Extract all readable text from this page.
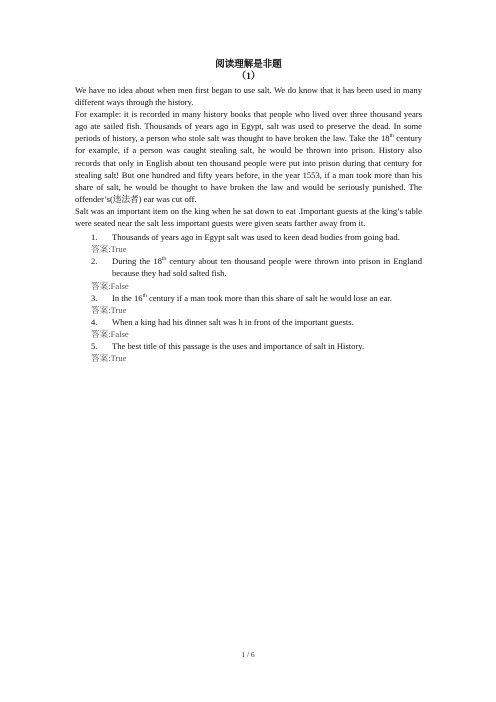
阅读理解是非题
（1）

We have no idea about when men first began to use salt. We do know that it has been used in many different ways through the history.

For example: it is recorded in many history books that people who lived over three thousand years ago ate sailed fish. Thousands of years ago in Egypt, salt was used to preserve the dead. In some periods of history, a person who stole salt was thought to have broken the law. Take the 18th century for example, if a person was caught stealing salt, he would be thrown into prison. History also records that only in English about ten thousand people were put into prison during that century for stealing salt! But one hundred and fifty years before, in the year 1553, if a man took more than his share of salt, he would be thought to have broken the law and would be seriously punished. The offender’s(违法者) ear was cut off.

Salt was an important item on the king when he sat down to eat .Important guests at the king’s table were seated near the salt less important guests were given seats farther away from it.

1.	Thousands of years ago in Egypt salt was used to keen dead bodies from going bad.

答案:True

2.	During the 18th century about ten thousand people were thrown into prison in England because they had sold salted fish.

答案:False

3.	In the 16th century if a man took more than this share of salt he would lose an ear.

答案:True

4.	When a king had his dinner salt was h in front of the important guests.

答案:False

5.	The best title of this passage is the uses and importance of salt in History.

答案:True

1 / 6
